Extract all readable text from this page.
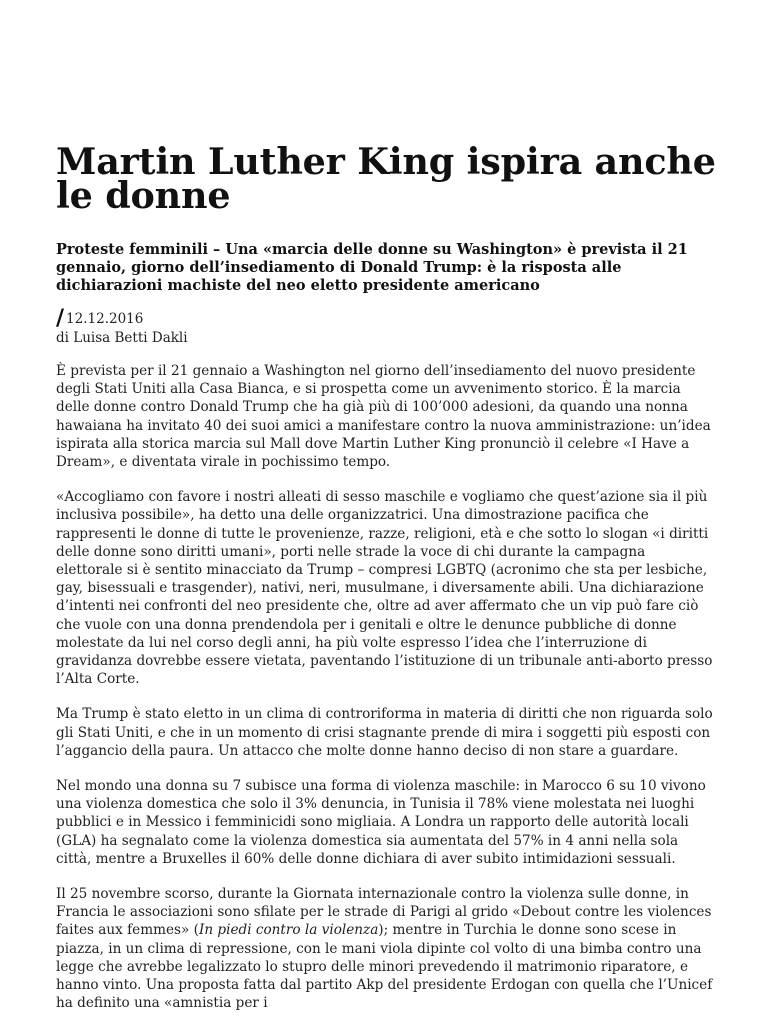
Martin Luther King ispira anche le donne

Proteste femminili – Una «marcia delle donne su Washington» è prevista il 21 gennaio, giorno dell’insediamento di Donald Trump: è la risposta alle dichiarazioni machiste del neo eletto presidente americano

/ 12.12.2016
di Luisa Betti Dakli

È prevista per il 21 gennaio a Washington nel giorno dell’insediamento del nuovo presidente degli Stati Uniti alla Casa Bianca, e si prospetta come un avvenimento storico. È la marcia delle donne contro Donald Trump che ha già più di 100’000 adesioni, da quando una nonna hawaiana ha invitato 40 dei suoi amici a manifestare contro la nuova amministrazione: un’idea ispirata alla storica marcia sul Mall dove Martin Luther King pronunciò il celebre «I Have a Dream», e diventata virale in pochissimo tempo.

«Accogliamo con favore i nostri alleati di sesso maschile e vogliamo che quest’azione sia il più inclusiva possibile», ha detto una delle organizzatrici. Una dimostrazione pacifica che rappresenti le donne di tutte le provenienze, razze, religioni, età e che sotto lo slogan «i diritti delle donne sono diritti umani», porti nelle strade la voce di chi durante la campagna elettorale si è sentito minacciato da Trump – compresi LGBTQ (acronimo che sta per lesbiche, gay, bisessuali e trasgender), nativi, neri, musulmane, i diversamente abili. Una dichiarazione d’intenti nei confronti del neo presidente che, oltre ad aver affermato che un vip può fare ciò che vuole con una donna prendendola per i genitali e oltre le denunce pubbliche di donne molestate da lui nel corso degli anni, ha più volte espresso l’idea che l’interruzione di gravidanza dovrebbe essere vietata, paventando l’istituzione di un tribunale anti-aborto presso l’Alta Corte.

Ma Trump è stato eletto in un clima di controriforma in materia di diritti che non riguarda solo gli Stati Uniti, e che in un momento di crisi stagnante prende di mira i soggetti più esposti con l’aggancio della paura. Un attacco che molte donne hanno deciso di non stare a guardare.

Nel mondo una donna su 7 subisce una forma di violenza maschile: in Marocco 6 su 10 vivono una violenza domestica che solo il 3% denuncia, in Tunisia il 78% viene molestata nei luoghi pubblici e in Messico i femminicidi sono migliaia. A Londra un rapporto delle autorità locali (GLA) ha segnalato come la violenza domestica sia aumentata del 57% in 4 anni nella sola città, mentre a Bruxelles il 60% delle donne dichiara di aver subito intimidazioni sessuali.

Il 25 novembre scorso, durante la Giornata internazionale contro la violenza sulle donne, in Francia le associazioni sono sfilate per le strade di Parigi al grido «Debout contre les violences faites aux femmes» (In piedi contro la violenza); mentre in Turchia le donne sono scese in piazza, in un clima di repressione, con le mani viola dipinte col volto di una bimba contro una legge che avrebbe legalizzato lo stupro delle minori prevedendo il matrimonio riparatore, e hanno vinto. Una proposta fatta dal partito Akp del presidente Erdogan con quella che l’Unicef ha definito una «amnistia per i
